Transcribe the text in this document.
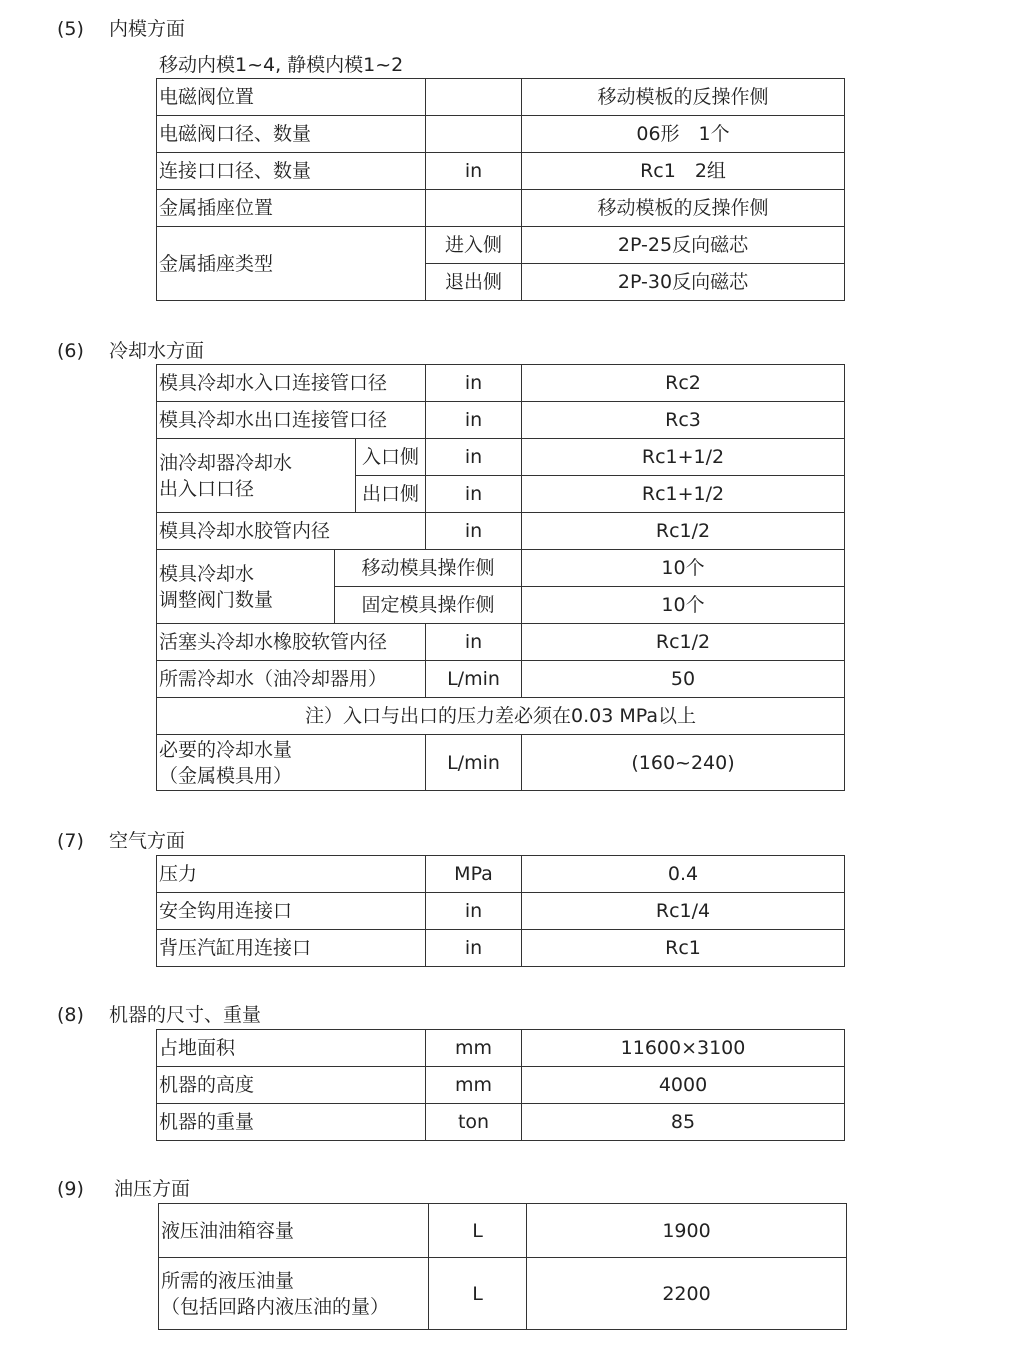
(5) 内模方面
移动内模1~4, 静模内模1~2
电磁阀位置		移动模板的反操作侧
电磁阀口径、数量		06形　1个
连接口口径、数量	in	Rc1　2组
金属插座位置		移动模板的反操作侧
金属插座类型	进入侧	2P-25反向磁芯
	退出侧	2P-30反向磁芯
(6) 冷却水方面
模具冷却水入口连接管口径			in	Rc2
模具冷却水出口连接管口径			in	Rc3

油冷却器冷却水
出入口口径		入口侧	in	Rc1+1/2
		出口侧	in	Rc1+1/2
模具冷却水胶管内径			in	Rc1/2

模具冷却水
调整阀门数量	移动模具操作侧			10个
	固定模具操作侧			10个
活塞头冷却水橡胶软管内径			in	Rc1/2
所需冷却水（油冷却器用）			L/min	50
注）入口与出口的压力差必须在0.03 MPa以上				

必要的冷却水量
（金属模具用）			L/min	(160~240)
(7) 空气方面
压力	MPa	0.4
安全钩用连接口	in	Rc1/4
背压汽缸用连接口	in	Rc1
(8) 机器的尺寸、重量
占地面积	mm	11600×3100
机器的高度	mm	4000
机器的重量	ton	85
(9) 油压方面
液压油油箱容量	L	1900

所需的液压油量
（包括回路内液压油的量）	L	2200
